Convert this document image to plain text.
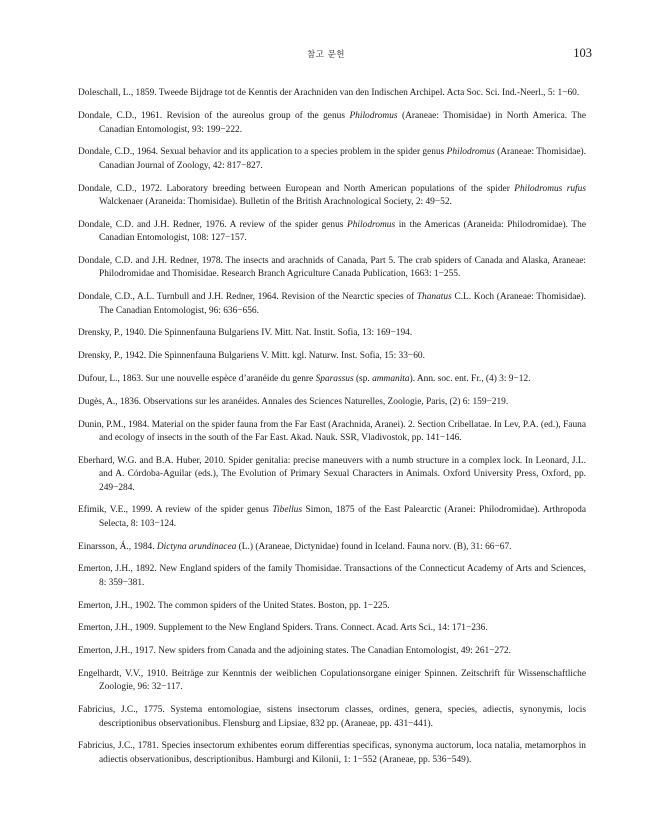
참고 문헌	103

Doleschall, L., 1859. Tweede Bijdrage tot de Kenntis der Arachniden van den Indischen Archipel. Acta Soc. Sci. Ind.-Neerl., 5: 1−60.

Dondale, C.D., 1961. Revision of the aureolus group of the genus Philodromus (Araneae: Thomisidae) in North America. The Canadian Entomologist, 93: 199−222.

Dondale, C.D., 1964. Sexual behavior and its application to a species problem in the spider genus Philodromus (Araneae: Thomisidae). Canadian Journal of Zoology, 42: 817−827.

Dondale, C.D., 1972. Laboratory breeding between European and North American populations of the spider Philodromus rufus Walckenaer (Araneida: Thomisidae). Bulletin of the British Arachnological Society, 2: 49−52.

Dondale, C.D. and J.H. Redner, 1976. A review of the spider genus Philodromus in the Americas (Araneida: Philodromidae). The Canadian Entomologist, 108: 127−157.

Dondale, C.D. and J.H. Redner, 1978. The insects and arachnids of Canada, Part 5. The crab spiders of Canada and Alaska, Araneae: Philodromidae and Thomisidae. Research Branch Agriculture Canada Publication, 1663: 1−255.

Dondale, C.D., A.L. Turnbull and J.H. Redner, 1964. Revision of the Nearctic species of Thanatus C.L. Koch (Araneae: Thomisidae). The Canadian Entomologist, 96: 636−656.

Drensky, P., 1940. Die Spinnenfauna Bulgariens IV. Mitt. Nat. Instit. Sofia, 13: 169−194.

Drensky, P., 1942. Die Spinnenfauna Bulgariens V. Mitt. kgl. Naturw. Inst. Sofia, 15: 33−60.

Dufour, L., 1863. Sur une nouvelle espèce d’aranéide du genre Sparassus (sp. ammanita). Ann. soc. ent. Fr., (4) 3: 9−12.

Dugès, A., 1836. Observations sur les aranéides. Annales des Sciences Naturelles, Zoologie, Paris, (2) 6: 159−219.

Dunin, P.M., 1984. Material on the spider fauna from the Far East (Arachnida, Aranei). 2. Section Cribellatae. In Lev, P.A. (ed.), Fauna and ecology of insects in the south of the Far East. Akad. Nauk. SSR, Vladivostok, pp. 141−146.

Eberhard, W.G. and B.A. Huber, 2010. Spider genitalia: precise maneuvers with a numb structure in a complex lock. In Leonard, J.L. and A. Córdoba-Aguilar (eds.), The Evolution of Primary Sexual Characters in Animals. Oxford University Press, Oxford, pp. 249−284.

Efimik, V.E., 1999. A review of the spider genus Tibellus Simon, 1875 of the East Palearctic (Aranei: Philodromidae). Arthropoda Selecta, 8: 103−124.

Einarsson, Á., 1984. Dictyna arundinacea (L.) (Araneae, Dictynidae) found in Iceland. Fauna norv. (B), 31: 66−67.

Emerton, J.H., 1892. New England spiders of the family Thomisidae. Transactions of the Connecticut Academy of Arts and Sciences, 8: 359−381.

Emerton, J.H., 1902. The common spiders of the United States. Boston, pp. 1−225.

Emerton, J.H., 1909. Supplement to the New England Spiders. Trans. Connect. Acad. Arts Sci., 14: 171−236.

Emerton, J.H., 1917. New spiders from Canada and the adjoining states. The Canadian Entomologist, 49: 261−272.

Engelhardt, V.V., 1910. Beiträge zur Kenntnis der weiblichen Copulationsorgane einiger Spinnen. Zeitschrift für Wissenschaftliche Zoologie, 96: 32−117.

Fabricius, J.C., 1775. Systema entomologiae, sistens insectorum classes, ordines, genera, species, adiectis, synonymis, locis descriptionibus observationibus. Flensburg and Lipsiae, 832 pp. (Araneae, pp. 431−441).

Fabricius, J.C., 1781. Species insectorum exhibentes eorum differentias specificas, synonyma auctorum, loca natalia, metamorphos in adiectis observationibus, descriptionibus. Hamburgi and Kilonii, 1: 1−552 (Araneae, pp. 536−549).
